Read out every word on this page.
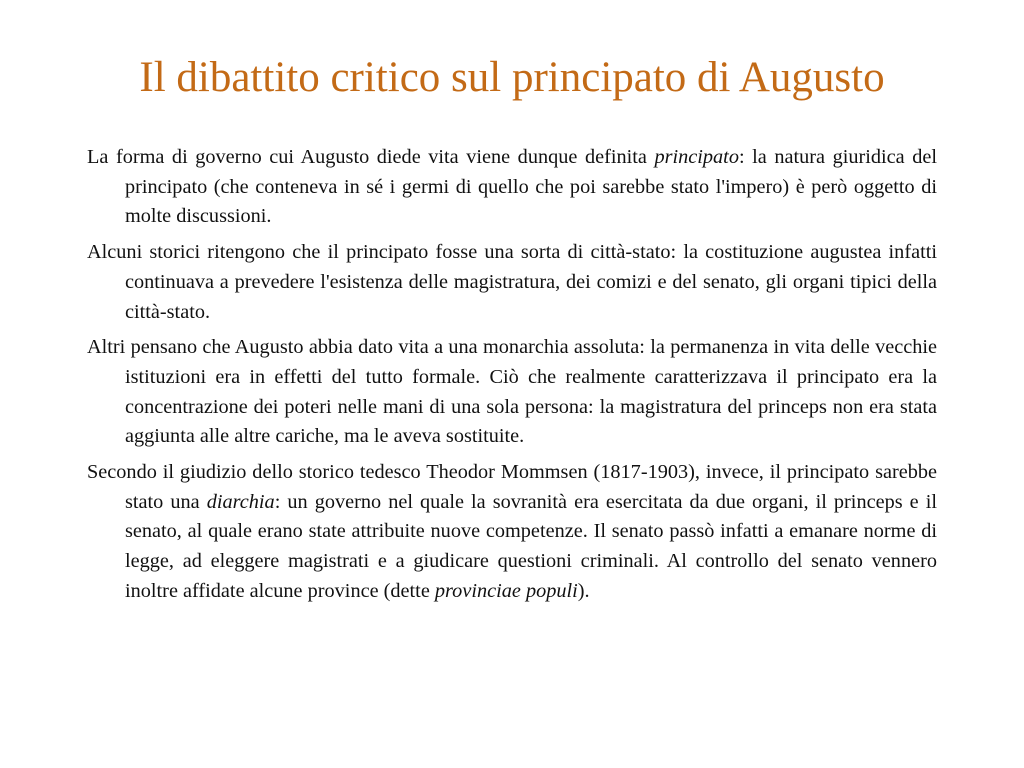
Il dibattito critico sul principato di Augusto

La forma di governo cui Augusto diede vita viene dunque definita principato: la natura giuridica del principato (che conteneva in sé i germi di quello che poi sarebbe stato l'impero) è però oggetto di molte discussioni.

Alcuni storici ritengono che il principato fosse una sorta di città-stato: la costituzione augustea infatti continuava a prevedere l'esistenza delle magistratura, dei comizi e del senato, gli organi tipici della città-stato.

Altri pensano che Augusto abbia dato vita a una monarchia assoluta: la permanenza in vita delle vecchie istituzioni era in effetti del tutto formale. Ciò che realmente caratterizzava il principato era la concentrazione dei poteri nelle mani di una sola persona: la magistratura del princeps non era stata aggiunta alle altre cariche, ma le aveva sostituite.

Secondo il giudizio dello storico tedesco Theodor Mommsen (1817-1903), invece, il principato sarebbe stato una diarchia: un governo nel quale la sovranità era esercitata da due organi, il princeps e il senato, al quale erano state attribuite nuove competenze. Il senato passò infatti a emanare norme di legge, ad eleggere magistrati e a giudicare questioni criminali. Al controllo del senato vennero inoltre affidate alcune province (dette provinciae populi).
